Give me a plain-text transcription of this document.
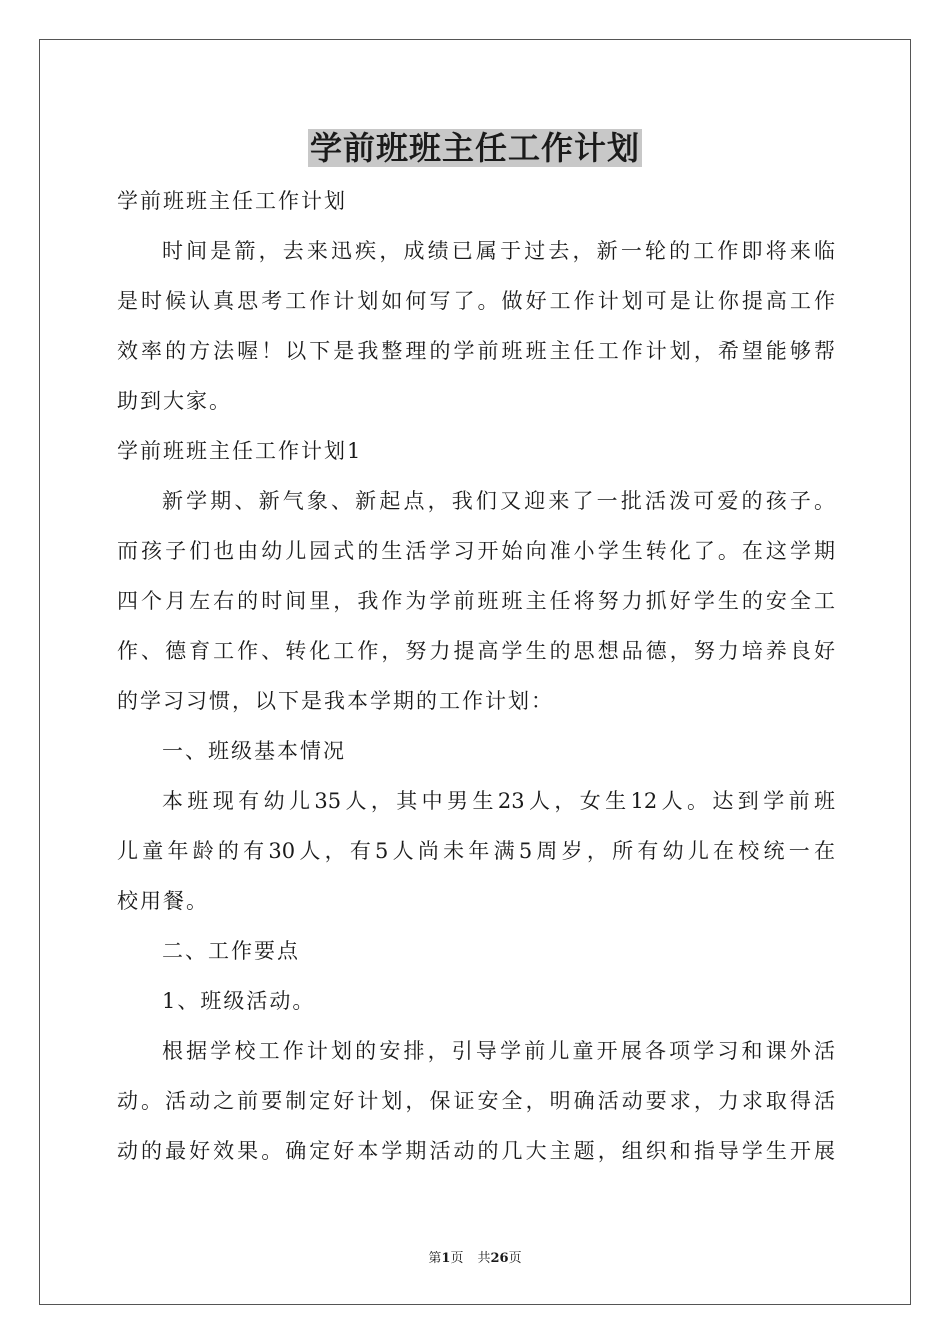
学前班班主任工作计划
学前班班主任工作计划
时间是箭，去来迅疾，成绩已属于过去，新一轮的工作即将来临
是时候认真思考工作计划如何写了。做好工作计划可是让你提高工作
效率的方法喔！以下是我整理的学前班班主任工作计划，希望能够帮
助到大家。
学前班班主任工作计划1
新学期、新气象、新起点，我们又迎来了一批活泼可爱的孩子。
而孩子们也由幼儿园式的生活学习开始向准小学生转化了。在这学期
四个月左右的时间里，我作为学前班班主任将努力抓好学生的安全工
作、德育工作、转化工作，努力提高学生的思想品德，努力培养良好
的学习习惯，以下是我本学期的工作计划：
一、班级基本情况
本班现有幼儿35人，其中男生23人，女生12人。达到学前班
儿童年龄的有30人，有5人尚未年满5周岁，所有幼儿在校统一在
校用餐。
二、工作要点
1、班级活动。
根据学校工作计划的安排，引导学前儿童开展各项学习和课外活
动。活动之前要制定好计划，保证安全，明确活动要求，力求取得活
动的最好效果。确定好本学期活动的几大主题，组织和指导学生开展
第1页 共26页
